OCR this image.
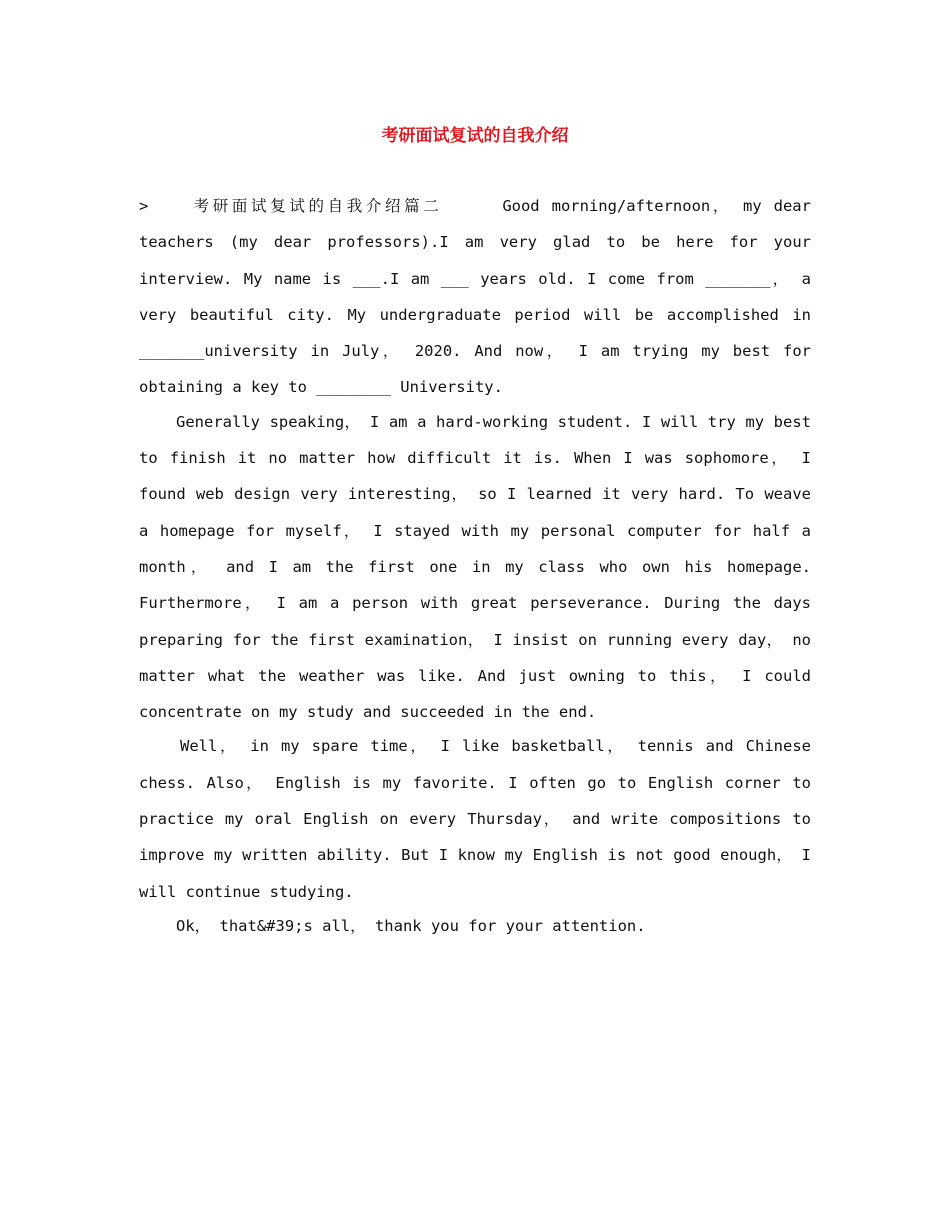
考研面试复试的自我介绍

>	考研面试复试的自我介绍篇二	Good morning/afternoon， my dear teachers (my dear professors).I am very glad to be here for your interview. My name is ___.I am ___ years old. I come from _______， a very beautiful city. My undergraduate period will be accomplished in _______university in July， 2020. And now， I am trying my best for obtaining a key to ________ University.

Generally speaking， I am a hard-working student. I will try my best to finish it no matter how difficult it is. When I was sophomore， I found web design very interesting， so I learned it very hard. To weave a homepage for myself， I stayed with my personal computer for half a month， and I am the first one in my class who own his homepage. Furthermore， I am a person with great perseverance. During the days preparing for the first examination， I insist on running every day， no matter what the weather was like. And just owning to this， I could concentrate on my study and succeeded in the end.

Well， in my spare time， I like basketball， tennis and Chinese chess. Also， English is my favorite. I often go to English corner to practice my oral English on every Thursday， and write compositions to improve my written ability. But I know my English is not good enough， I will continue studying.

Ok， that&#39;s all， thank you for your attention.
